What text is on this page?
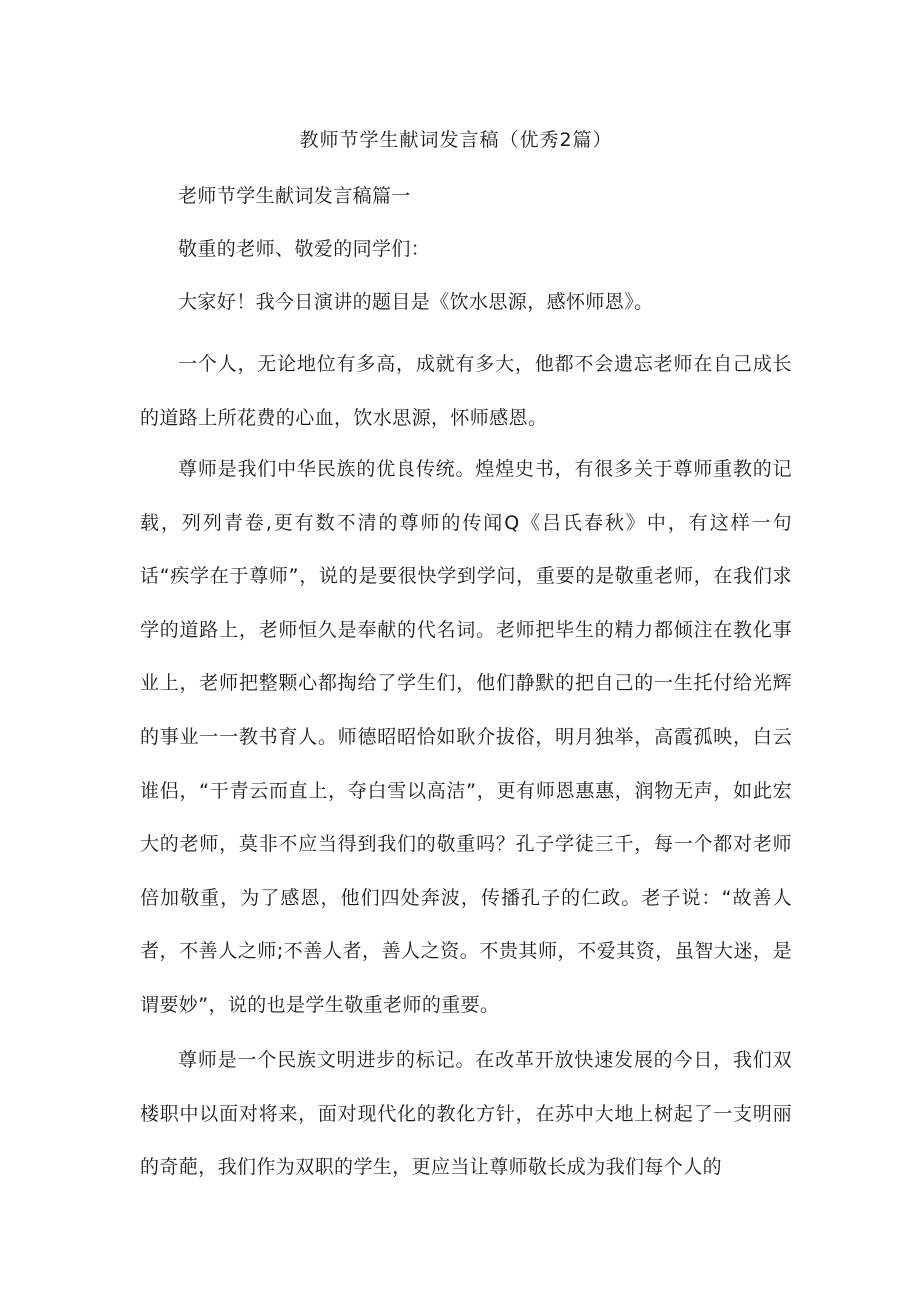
教师节学生献词发言稿（优秀2篇）

老师节学生献词发言稿篇一

敬重的老师、敬爱的同学们：

大家好！我今日演讲的题目是《饮水思源，感怀师恩》。

一个人，无论地位有多高，成就有多大，他都不会遗忘老师在自己成长的道路上所花费的心血，饮水思源，怀师感恩。

尊师是我们中华民族的优良传统。煌煌史书，有很多关于尊师重教的记载，列列青卷,更有数不清的尊师的传闻Q《吕氏春秋》中，有这样一句话“疾学在于尊师”，说的是要很快学到学问，重要的是敬重老师，在我们求学的道路上，老师恒久是奉献的代名词。老师把毕生的精力都倾注在教化事业上，老师把整颗心都掏给了学生们，他们静默的把自己的一生托付给光辉的事业一一教书育人。师德昭昭恰如耿介拔俗，明月独举，高霞孤映，白云谁侣，“干青云而直上，夺白雪以高洁”，更有师恩惠惠，润物无声，如此宏大的老师，莫非不应当得到我们的敬重吗？孔子学徒三千，每一个都对老师倍加敬重，为了感恩，他们四处奔波，传播孔子的仁政。老子说：“故善人者，不善人之师;不善人者，善人之资。不贵其师，不爱其资，虽智大迷，是谓要妙”，说的也是学生敬重老师的重要。

尊师是一个民族文明进步的标记。在改革开放快速发展的今日，我们双楼职中以面对将来，面对现代化的教化方针，在苏中大地上树起了一支明丽的奇葩，我们作为双职的学生，更应当让尊师敬长成为我们每个人的
